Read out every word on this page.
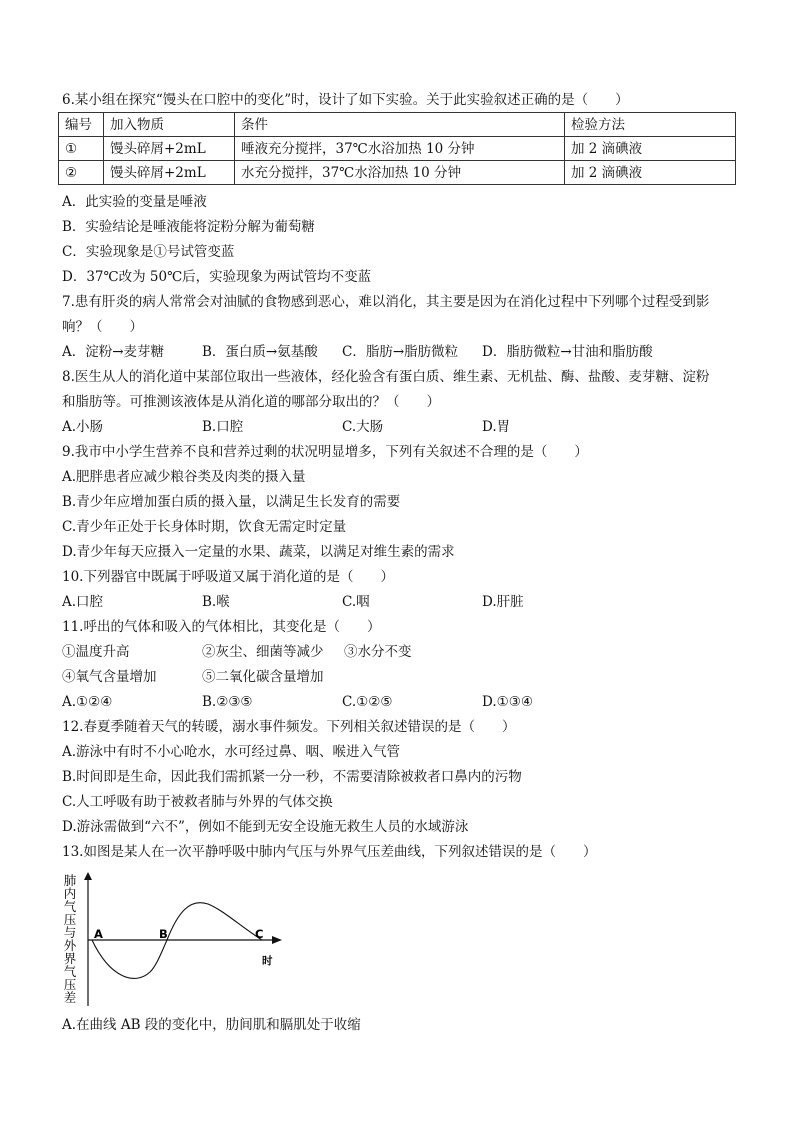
6.某小组在探究“馒头在口腔中的变化”时，设计了如下实验。关于此实验叙述正确的是（　　）
编号	加入物质	条件	检验方法
①	馒头碎屑+2mL	唾液充分搅拌，37℃水浴加热 10 分钟	加 2 滴碘液
②	馒头碎屑+2mL	水充分搅拌，37℃水浴加热 10 分钟	加 2 滴碘液
A．此实验的变量是唾液
B．实验结论是唾液能将淀粉分解为葡萄糖
C．实验现象是①号试管变蓝
D．37℃改为 50℃后，实验现象为两试管均不变蓝
7.患有肝炎的病人常常会对油腻的食物感到恶心，难以消化，其主要是因为在消化过程中下列哪个过程受到影
响？（　　）
A．淀粉→麦芽糖	B．蛋白质→氨基酸 C．脂肪→脂肪微粒 D．脂肪微粒→甘油和脂肪酸
8.医生从人的消化道中某部位取出一些液体，经化验含有蛋白质、维生素、无机盐、酶、盐酸、麦芽糖、淀粉
和脂肪等。可推测该液体是从消化道的哪部分取出的？（　　）
A.小肠	B.口腔	C.大肠	D.胃
9.我市中小学生营养不良和营养过剩的状况明显增多，下列有关叙述不合理的是（　　）
A.肥胖患者应减少粮谷类及肉类的摄入量
B.青少年应增加蛋白质的摄入量，以满足生长发育的需要
C.青少年正处于长身体时期，饮食无需定时定量
D.青少年每天应摄入一定量的水果、蔬菜，以满足对维生素的需求
10.下列器官中既属于呼吸道又属于消化道的是（　　）
A.口腔	B.喉	C.咽	D.肝脏
11.呼出的气体和吸入的气体相比，其变化是（　　）
①温度升高	②灰尘、细菌等减少 ③水分不变
④氧气含量增加	⑤二氧化碳含量增加
A.①②④	B.②③⑤	C.①②⑤	D.①③④
12.春夏季随着天气的转暖，溺水事件频发。下列相关叙述错误的是（　　）
A.游泳中有时不小心呛水，水可经过鼻、咽、喉进入气管
B.时间即是生命，因此我们需抓紧一分一秒，不需要清除被救者口鼻内的污物
C.人工呼吸有助于被救者肺与外界的气体交换
D.游泳需做到“六不”，例如不能到无安全设施无救生人员的水域游泳
13.如图是某人在一次平静呼吸中肺内气压与外界气压差曲线，下列叙述错误的是（　　）
肺
内
气
压
与
外
界
气
压
差
A	B	C
时
A.在曲线 AB 段的变化中，肋间肌和膈肌处于收缩
